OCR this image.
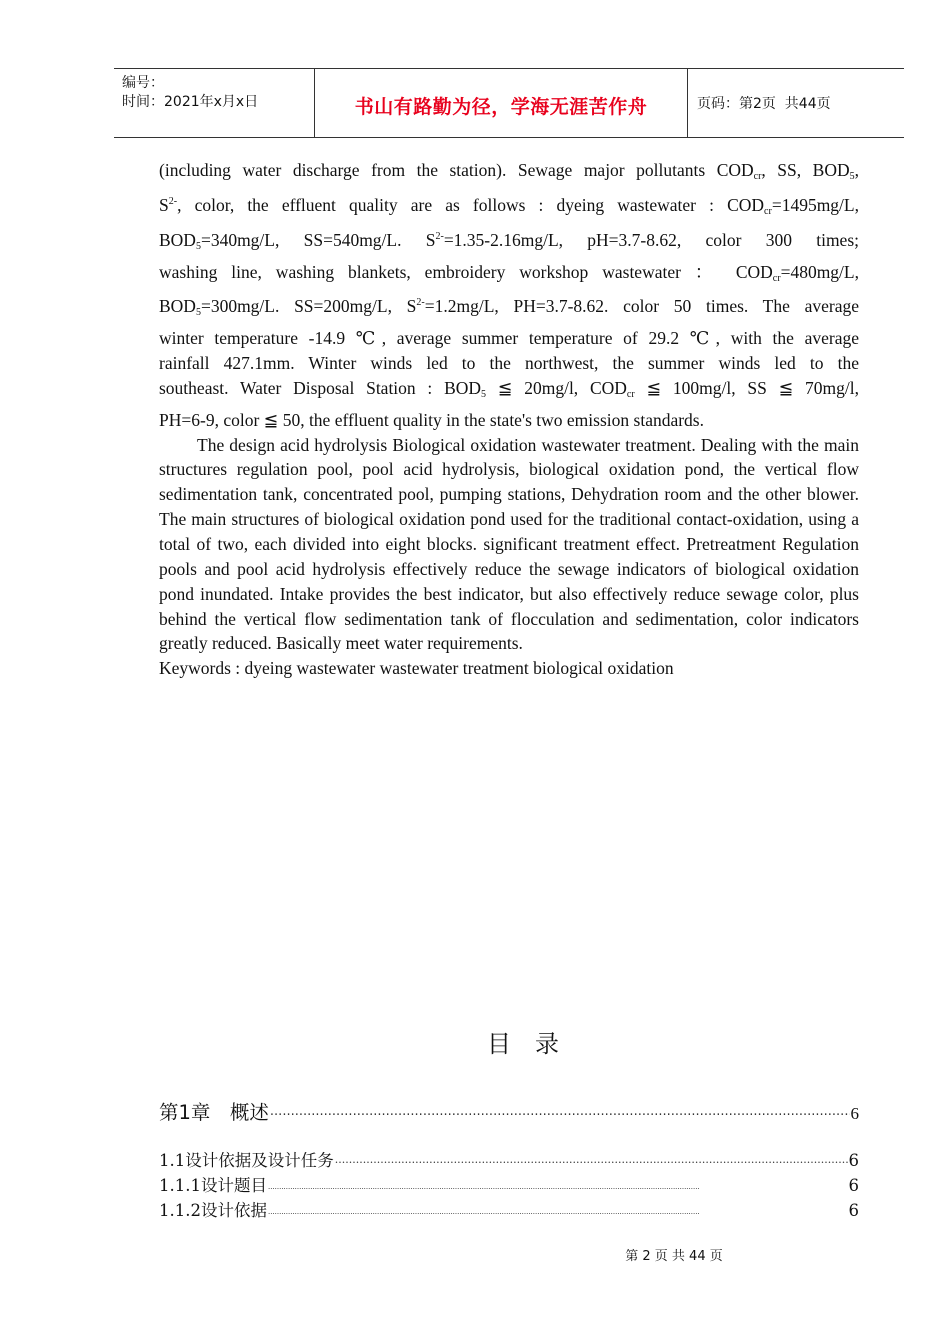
编号：
时间：2021年x月x日	书山有路勤为径，学海无涯苦作舟	页码：第2页  共44页

(including water discharge from the station). Sewage major pollutants $COD_{cr}$, SS, $BOD_5$,

$S^{2-}$, color, the effluent quality are as follows : dyeing wastewater : $COD_{cr}=1495mg/L$,

$BOD_5=340mg/L$, SS=540mg/L. $S^{2-}=1.35-2.16mg/L$, pH=3.7-8.62, color 300 times;

washing line, washing blankets, embroidery workshop wastewater ： $COD_{cr}=480mg/L$,

$BOD_5=300mg/L$. SS=200mg/L, $S^{2-}=1.2mg/L$, PH=3.7-8.62. color 50 times. The average

winter temperature -14.9 ℃, average summer temperature of 29.2 ℃, with the average

rainfall 427.1mm. Winter winds led to the northwest, the summer winds led to the

southeast. Water Disposal Station : $BOD_5$ ≦ 20mg/l, $COD_{cr}$ ≦ 100mg/l, SS ≦ 70mg/l,

PH=6-9, color ≦ 50, the effluent quality in the state's two emission standards.

The design acid hydrolysis Biological oxidation wastewater treatment. Dealing with the main structures regulation pool, pool acid hydrolysis, biological oxidation pond, the vertical flow sedimentation tank, concentrated pool, pumping stations, Dehydration room and the other blower. The main structures of biological oxidation pond used for the traditional contact-oxidation, using a total of two, each divided into eight blocks. significant treatment effect. Pretreatment Regulation pools and pool acid hydrolysis effectively reduce the sewage indicators of biological oxidation pond inundated. Intake provides the best indicator, but also effectively reduce sewage color, plus behind the vertical flow sedimentation tank of flocculation and sedimentation, color indicators greatly reduced. Basically meet water requirements.

Keywords : dyeing wastewater wastewater treatment biological oxidation

目录
第1章　概述 ·····	6
1.1设计依据及设计任务 ·····	6
1.1.1设计题目 ·····	6
1.1.2设计依据 ·····	6
第 2 页 共 44 页
